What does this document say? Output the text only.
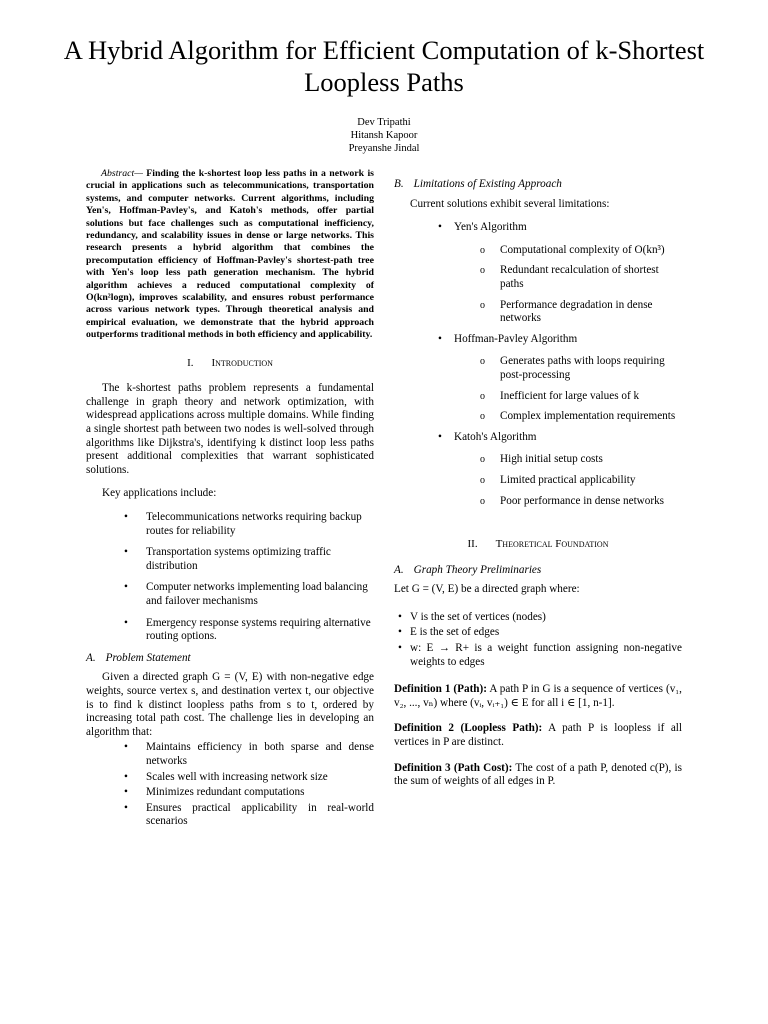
A Hybrid Algorithm for Efficient Computation of k-Shortest Loopless Paths
Dev Tripathi
Hitansh Kapoor
Preyanshe Jindal

Abstract— Finding the k-shortest loop less paths in a network is crucial in applications such as telecommunications, transportation systems, and computer networks. Current algorithms, including Yen's, Hoffman-Pavley's, and Katoh's methods, offer partial solutions but face challenges such as computational inefficiency, redundancy, and scalability issues in dense or large networks. This research presents a hybrid algorithm that combines the precomputation efficiency of Hoffman-Pavley's shortest-path tree with Yen's loop less path generation mechanism. The hybrid algorithm achieves a reduced computational complexity of O(kn²logn), improves scalability, and ensures robust performance across various network types. Through theoretical analysis and empirical evaluation, we demonstrate that the hybrid approach outperforms traditional methods in both efficiency and applicability.

I. Introduction

The k-shortest paths problem represents a fundamental challenge in graph theory and network optimization, with widespread applications across multiple domains. While finding a single shortest path between two nodes is well-solved through algorithms like Dijkstra's, identifying k distinct loop less paths present additional complexities that warrant sophisticated solutions.

Key applications include:

• Telecommunications networks requiring backup routes for reliability
• Transportation systems optimizing traffic distribution
• Computer networks implementing load balancing and failover mechanisms
• Emergency response systems requiring alternative routing options.
A. Problem Statement

Given a directed graph G = (V, E) with non-negative edge weights, source vertex s, and destination vertex t, our objective is to find k distinct loopless paths from s to t, ordered by increasing total path cost. The challenge lies in developing an algorithm that:

• Maintains efficiency in both sparse and dense networks
• Scales well with increasing network size
• Minimizes redundant computations
• Ensures practical applicability in real-world scenarios
B. Limitations of Existing Approach

Current solutions exhibit several limitations:

• Yen's Algorithm
o Computational complexity of O(kn³)
o Redundant recalculation of shortest paths
o Performance degradation in dense networks
• Hoffman-Pavley Algorithm
o Generates paths with loops requiring post-processing
o Inefficient for large values of k
o Complex implementation requirements
• Katoh's Algorithm
o High initial setup costs
o Limited practical applicability
o Poor performance in dense networks
II. Theoretical Foundation
A. Graph Theory Preliminaries

Let G = (V, E) be a directed graph where:

• V is the set of vertices (nodes)
• E is the set of edges
• w: E → R+ is a weight function assigning non-negative weights to edges

Definition 1 (Path): A path P in G is a sequence of vertices (v₁, v₂, ..., vₙ) where (vᵢ, vᵢ₊₁) ∈ E for all i ∈ [1, n-1].

Definition 2 (Loopless Path): A path P is loopless if all vertices in P are distinct.

Definition 3 (Path Cost): The cost of a path P, denoted c(P), is the sum of weights of all edges in P.
